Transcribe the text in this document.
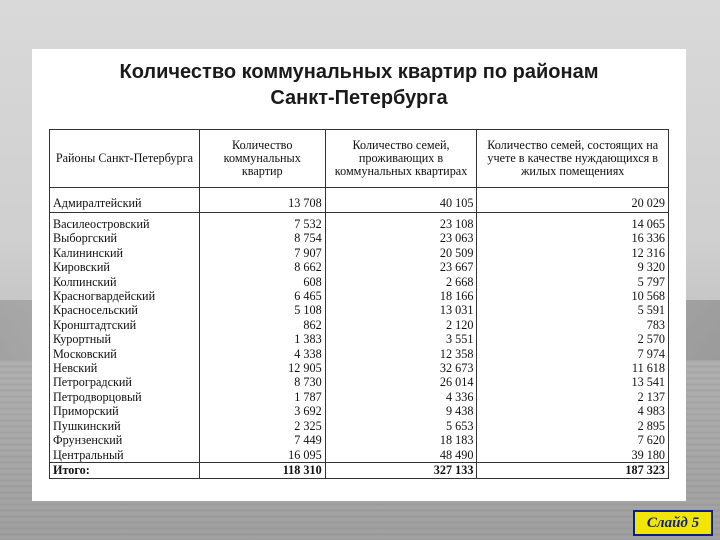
Количество коммунальных квартир по районам
Санкт-Петербурга
Районы Санкт-Петербурга	Количество коммунальных квартир	Количество семей, проживающих в коммунальных квартирах	Количество семей, состоящих на учете в качестве нуждающихся в жилых помещениях
Адмиралтейский	13 708	40 105	20 029
Василеостровский	7 532	23 108	14 065
Выборгский	8 754	23 063	16 336
Калининский	7 907	20 509	12 316
Кировский	8 662	23 667	9 320
Колпинский	608	2 668	5 797
Красногвардейский	6 465	18 166	10 568
Красносельский	5 108	13 031	5 591
Кронштадтский	862	2 120	783
Курортный	1 383	3 551	2 570
Московский	4 338	12 358	7 974
Невский	12 905	32 673	11 618
Петроградский	8 730	26 014	13 541
Петродворцовый	1 787	4 336	2 137
Приморский	3 692	9 438	4 983
Пушкинский	2 325	5 653	2 895
Фрунзенский	7 449	18 183	7 620
Центральный	16 095	48 490	39 180
Итого:	118 310	327 133	187 323
Слайд 5
